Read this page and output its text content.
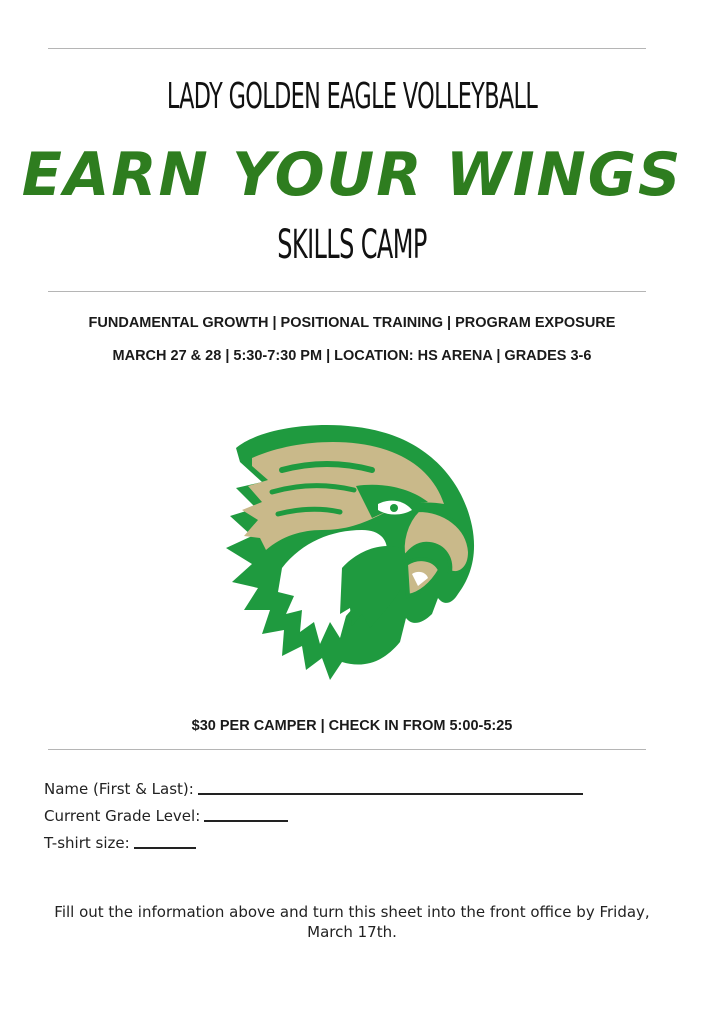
LADY GOLDEN EAGLE VOLLEYBALL
EARN YOUR WINGS
SKILLS CAMP
FUNDAMENTAL GROWTH | POSITIONAL TRAINING | PROGRAM EXPOSURE
MARCH 27 & 28 | 5:30-7:30 PM | LOCATION: HS ARENA | GRADES 3-6
$30 PER CAMPER | CHECK IN FROM 5:00-5:25
Name (First & Last):
Current Grade Level:
T-shirt size:
Fill out the information above and turn this sheet into the front office by Friday, March 17th.
